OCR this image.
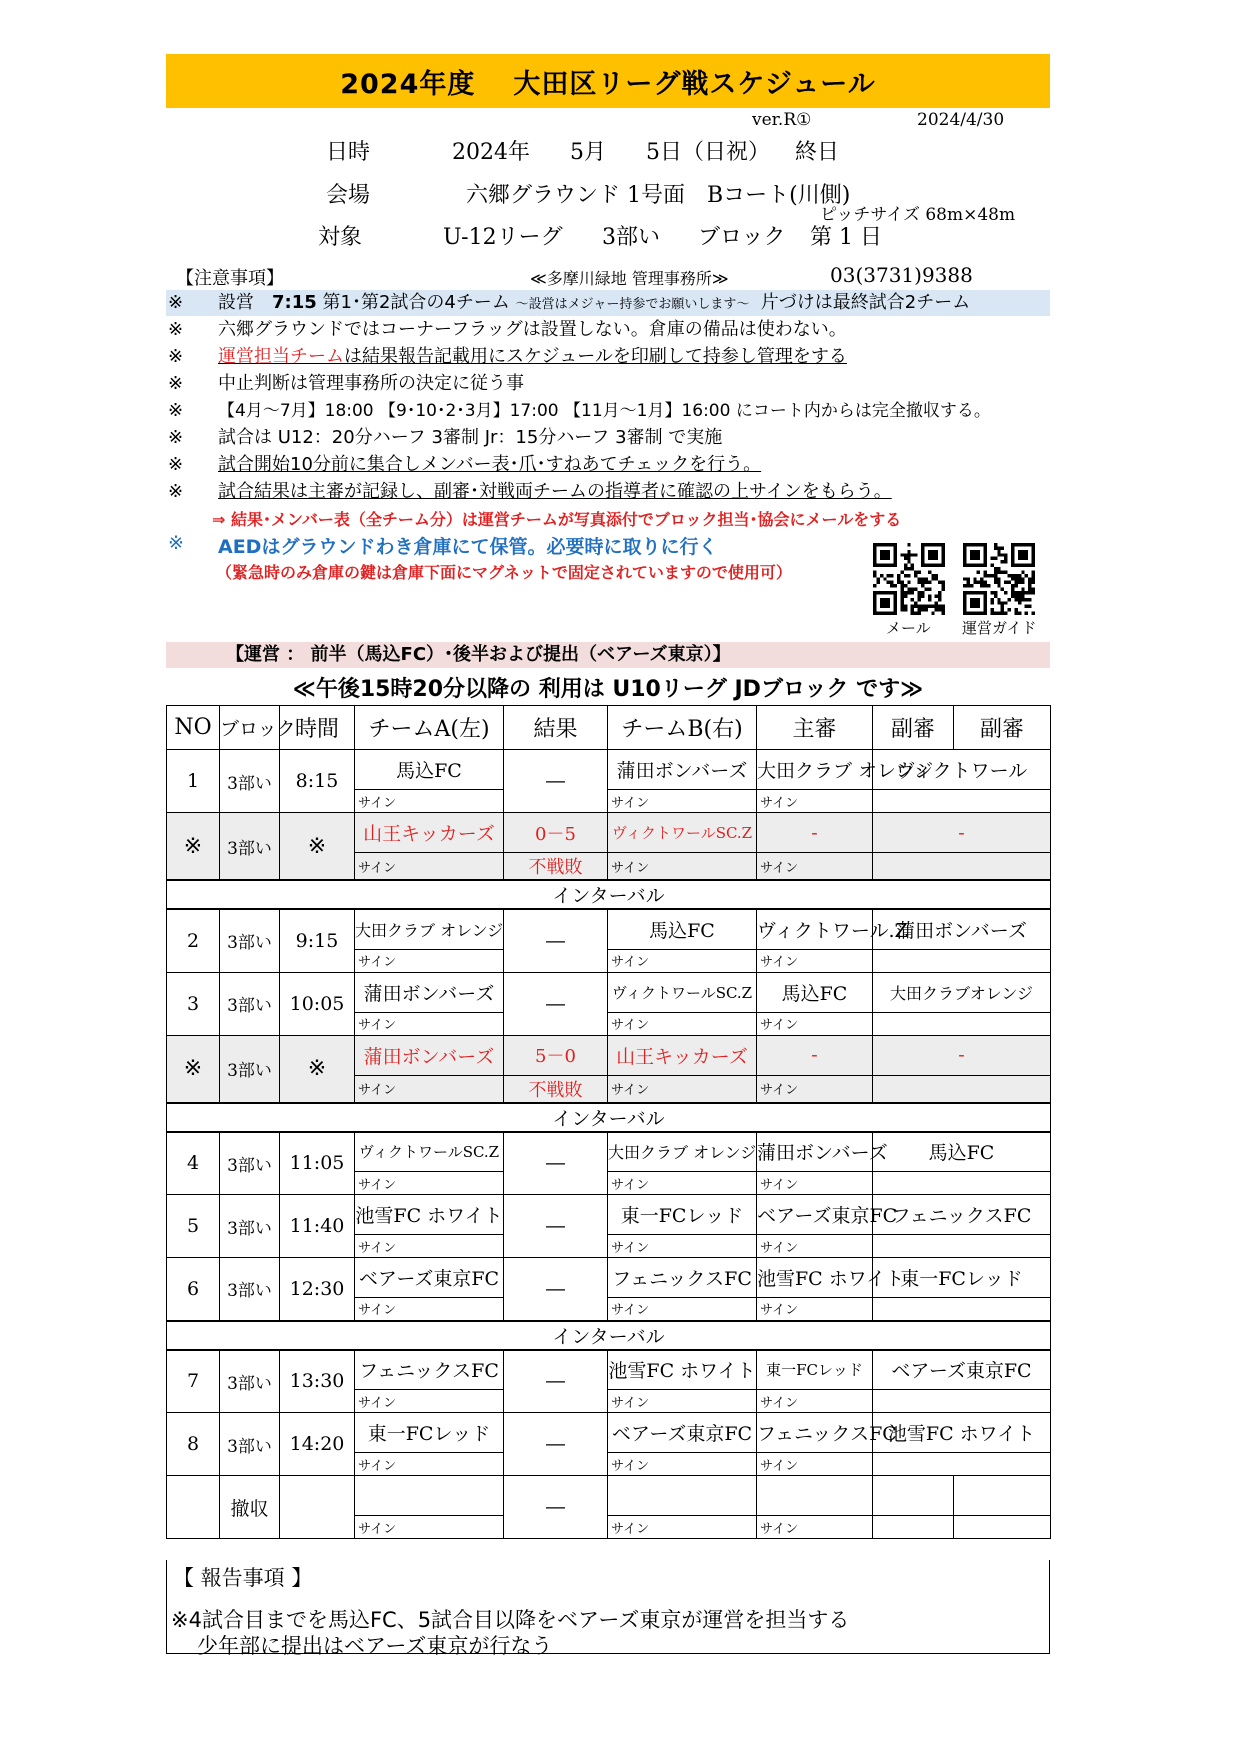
2024年度 大田区リーグ戦スケジュール
ver.R①	2024/4/30
日時	2024年 5月 5日（日祝） 終日
会場	六郷グラウンド 1号面　Bコート(川側)
ピッチサイズ 68m×48m
対象	U-12リーグ 3部い ブロック 第 1 日
【注意事項】	≪多摩川緑地 管理事務所≫	03(3731)9388
※ 設営　7:15 第1･第2試合の4チーム ～設営はメジャー持参でお願いします～ 片づけは最終試合2チーム
※ 六郷グラウンドではコーナーフラッグは設置しない。倉庫の備品は使わない。
※ 運営担当チームは結果報告記載用にスケジュールを印刷して持参し管理をする
※ 中止判断は管理事務所の決定に従う事
※ 【4月～7月】18:00 【9･10･2･3月】17:00 【11月～1月】16:00 にコート内からは完全撤収する。
※ 試合は U12：20分ハーフ 3審制 Jr：15分ハーフ 3審制 で実施
※ 試合開始10分前に集合しメンバー表･爪･すねあてチェックを行う。
※ 試合結果は主審が記録し、副審･対戦両チームの指導者に確認の上サインをもらう。
⇒ 結果･メンバー表（全チーム分）は運営チームが写真添付でブロック担当･協会にメールをする
※ AEDはグラウンドわき倉庫にて保管。必要時に取りに行く
（緊急時のみ倉庫の鍵は倉庫下面にマグネットで固定されていますので使用可）
メール 運営ガイド
【運営 ： 前半（馬込FC）･後半および提出（ベアーズ東京）】
≪午後15時20分以降の 利用は U10リーグ JDブロック です≫
NO	ブロック	時間	チームA(左)	結果	チームB(右)	主審	副審	副審
1	3部い	8:15	馬込FC	―	蒲田ボンバーズ	大田クラブ オレンジ	ヴィクトワール	
			サイン		サイン	サイン		
※	3部い	※	山王キッカーズ	0－5	ヴィクトワールSC.Z	-	-	
			サイン	不戦敗	サイン	サイン		
インターバル								
2	3部い	9:15	大田クラブ オレンジ	―	馬込FC	ヴィクトワール.Z	蒲田ボンバーズ	
			サイン		サイン	サイン		
3	3部い	10:05	蒲田ボンバーズ	―	ヴィクトワールSC.Z	馬込FC	大田クラブオレンジ	
			サイン		サイン	サイン		
※	3部い	※	蒲田ボンバーズ	5－0	山王キッカーズ	-	-	
			サイン	不戦敗	サイン	サイン		
インターバル								
4	3部い	11:05	ヴィクトワールSC.Z	―	大田クラブ オレンジ	蒲田ボンバーズ	馬込FC	
			サイン		サイン	サイン		
5	3部い	11:40	池雪FC ホワイト	―	東一FCレッド	ベアーズ東京FC	フェニックスFC	
			サイン		サイン	サイン		
6	3部い	12:30	ベアーズ東京FC	―	フェニックスFC	池雪FC ホワイト	東一FCレッド	
			サイン		サイン	サイン		
インターバル								
7	3部い	13:30	フェニックスFC	―	池雪FC ホワイト	東一FCレッド	ベアーズ東京FC	
			サイン		サイン	サイン		
8	3部い	14:20	東一FCレッド	―	ベアーズ東京FC	フェニックスFC	池雪FC ホワイト	
			サイン		サイン	サイン		
	撤収			―				
			サイン		サイン	サイン		
【 報告事項 】
※4試合目までを馬込FC、5試合目以降をベアーズ東京が運営を担当する
少年部に提出はベアーズ東京が行なう
